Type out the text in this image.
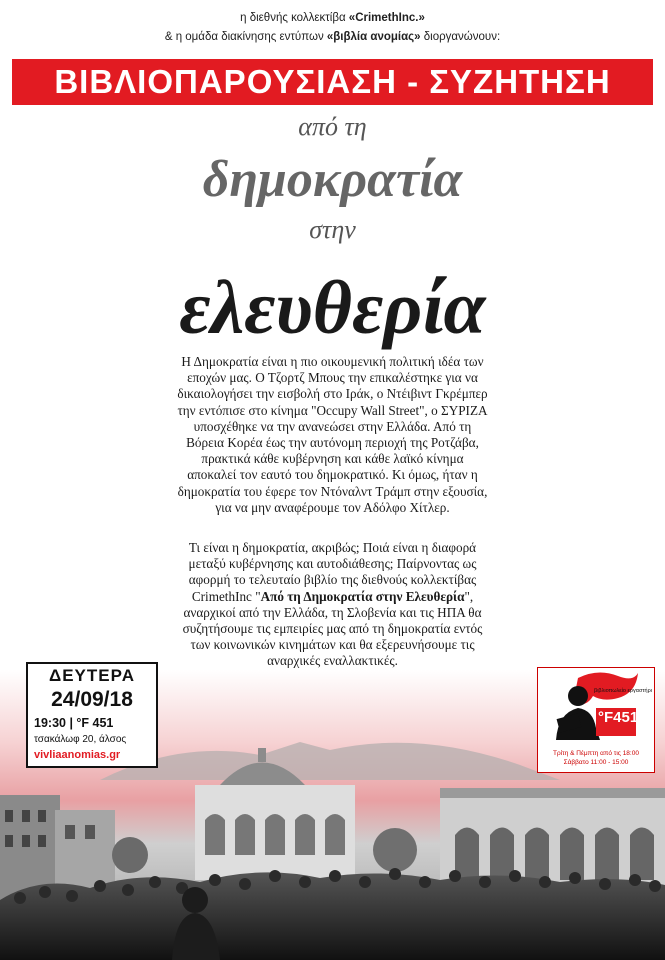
η διεθνής κολλεκτίβα «CrimethInc.»
& η ομάδα διακίνησης εντύπων «βιβλία ανομίας» διοργανώνουν:
ΒΙΒΛΙΟΠΑΡΟΥΣΙΑΣΗ - ΣΥΖΗΤΗΣΗ
από τη
δημοκρατία
στην
ελευθερία
Η Δημοκρατία είναι η πιο οικουμενική πολιτική ιδέα των
εποχών μας. Ο Τζορτζ Μπους την επικαλέστηκε για να
δικαιολογήσει την εισβολή στο Ιράκ, ο Ντέιβιντ Γκρέμπερ
την εντόπισε στο κίνημα "Occupy Wall Street", ο ΣΥΡΙΖΑ
υποσχέθηκε να την ανανεώσει στην Ελλάδα. Από τη
Βόρεια Κορέα έως την αυτόνομη περιοχή της Ροτζάβα,
πρακτικά κάθε κυβέρνηση και κάθε λαϊκό κίνημα
αποκαλεί τον εαυτό του δημοκρατικό. Κι όμως, ήταν η
δημοκρατία του έφερε τον Ντόναλντ Τράμπ στην εξουσία,
για να μην αναφέρουμε τον Αδόλφο Χίτλερ.
Τι είναι η δημοκρατία, ακριβώς; Ποιά είναι η διαφορά
μεταξύ κυβέρνησης και αυτοδιάθεσης; Παίρνοντας ως
αφορμή το τελευταίο βιβλίο της διεθνούς κολλεκτίβας
CrimethInc "Από τη Δημοκρατία στην Ελευθερία",
αναρχικοί από την Ελλάδα, τη Σλοβενία και τις ΗΠΑ θα
συζητήσουμε τις εμπειρίες μας από τη δημοκρατία εντός
των κοινωνικών κινημάτων και θα εξερευνήσουμε τις
αναρχικές εναλλακτικές.
ΔΕΥΤΕΡΑ
24/09/18
19:30 | °F 451
τσακάλωφ 20, άλσος
vivliaanomias.gr
°F451
βιβλιοπωλείο εργαστήρι
Τρίτη & Πέμπτη από τις 18:00
Σάββατο 11:00 - 15:00
